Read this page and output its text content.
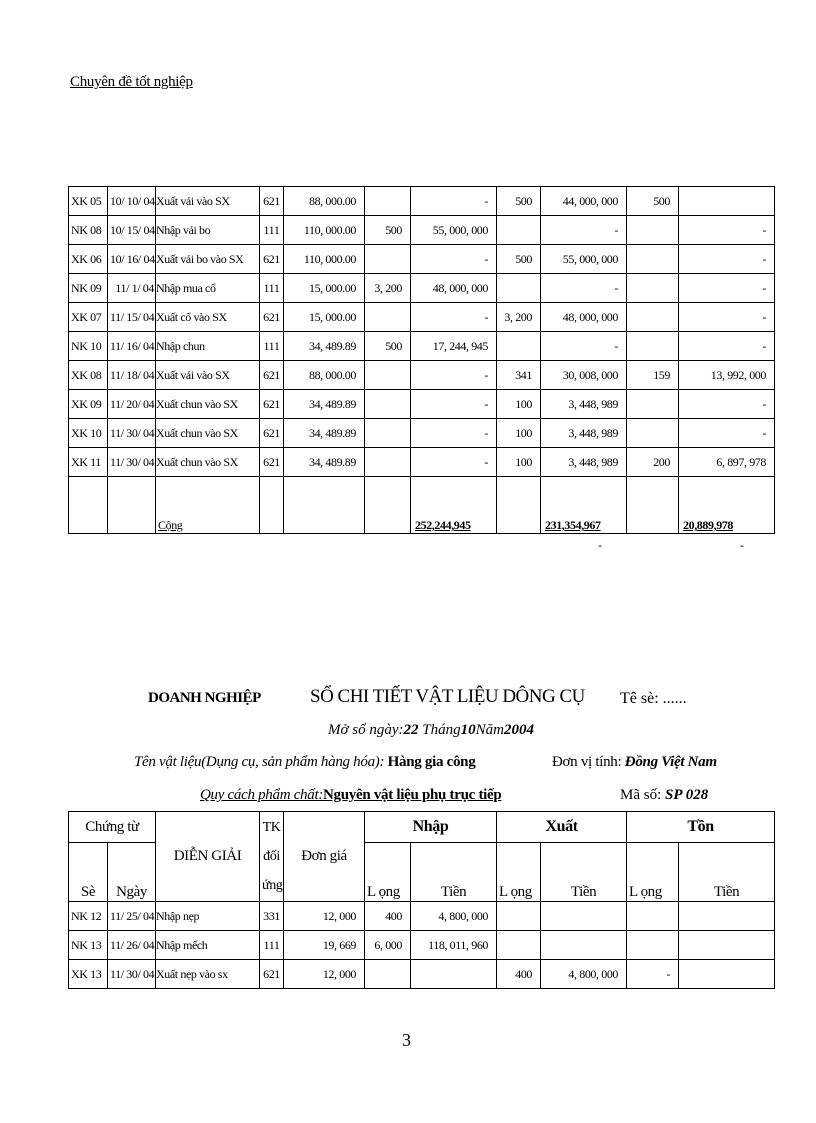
Chuyên đề tốt nghiệp
XK 05	10/ 10/ 04	Xuất vải vào SX	621	88, 000.00		-	500	44, 000, 000	500	
NK 08	10/ 15/ 04	Nhập vải bo	111	110, 000.00	500	55, 000, 000		-		-
XK 06	10/ 16/ 04	Xuất vải bo vào SX	621	110, 000.00		-	500	55, 000, 000		-
NK 09	11/ 1/ 04	Nhập mua cổ	111	15, 000.00	3, 200	48, 000, 000		-		-
XK 07	11/ 15/ 04	Xuất cổ vào SX	621	15, 000.00		-	3, 200	48, 000, 000		-
NK 10	11/ 16/ 04	Nhập chun	111	34, 489.89	500	17, 244, 945		-		-
XK 08	11/ 18/ 04	Xuất vải vào SX	621	88, 000.00		-	341	30, 008, 000	159	13, 992, 000
XK 09	11/ 20/ 04	Xuất chun vào SX	621	34, 489.89		-	100	3, 448, 989		-
XK 10	11/ 30/ 04	Xuất chun vào SX	621	34, 489.89		-	100	3, 448, 989		-
XK 11	11/ 30/ 04	Xuất chun vào SX	621	34, 489.89		-	100	3, 448, 989	200	6, 897, 978
		Cộng				252,244,945		231,354,967		20,889,978
-	-
DOANH NGHIỆP	SỔ CHI TIẾT VẬT LIỆU DÔNG CỤ Tê sè: ......
Mở sổ ngày:22 Tháng10Năm2004
Tên vật liệu(Dụng cụ, sản phẩm hàng hóa): Hàng gia công	Đơn vị tính: Đồng Việt Nam
Quy cách phẩm chất:Nguyên vật liệu phụ trục tiếp	Mã số: SP 028
Chứng từ		DIỄN GIẢI	TK
đối
ứng	Đơn giá	Nhập		Xuất		Tồn	
Sè	Ngày				L ọng	Tiền	L ọng	Tiền	L ọng	Tiền
NK 12	11/ 25/ 04	Nhập nẹp	331	12, 000	400	4, 800, 000				
NK 13	11/ 26/ 04	Nhập mếch	111	19, 669	6, 000	118, 011, 960				
XK 13	11/ 30/ 04	Xuất nẹp vào sx	621	12, 000			400	4, 800, 000	-	
3
